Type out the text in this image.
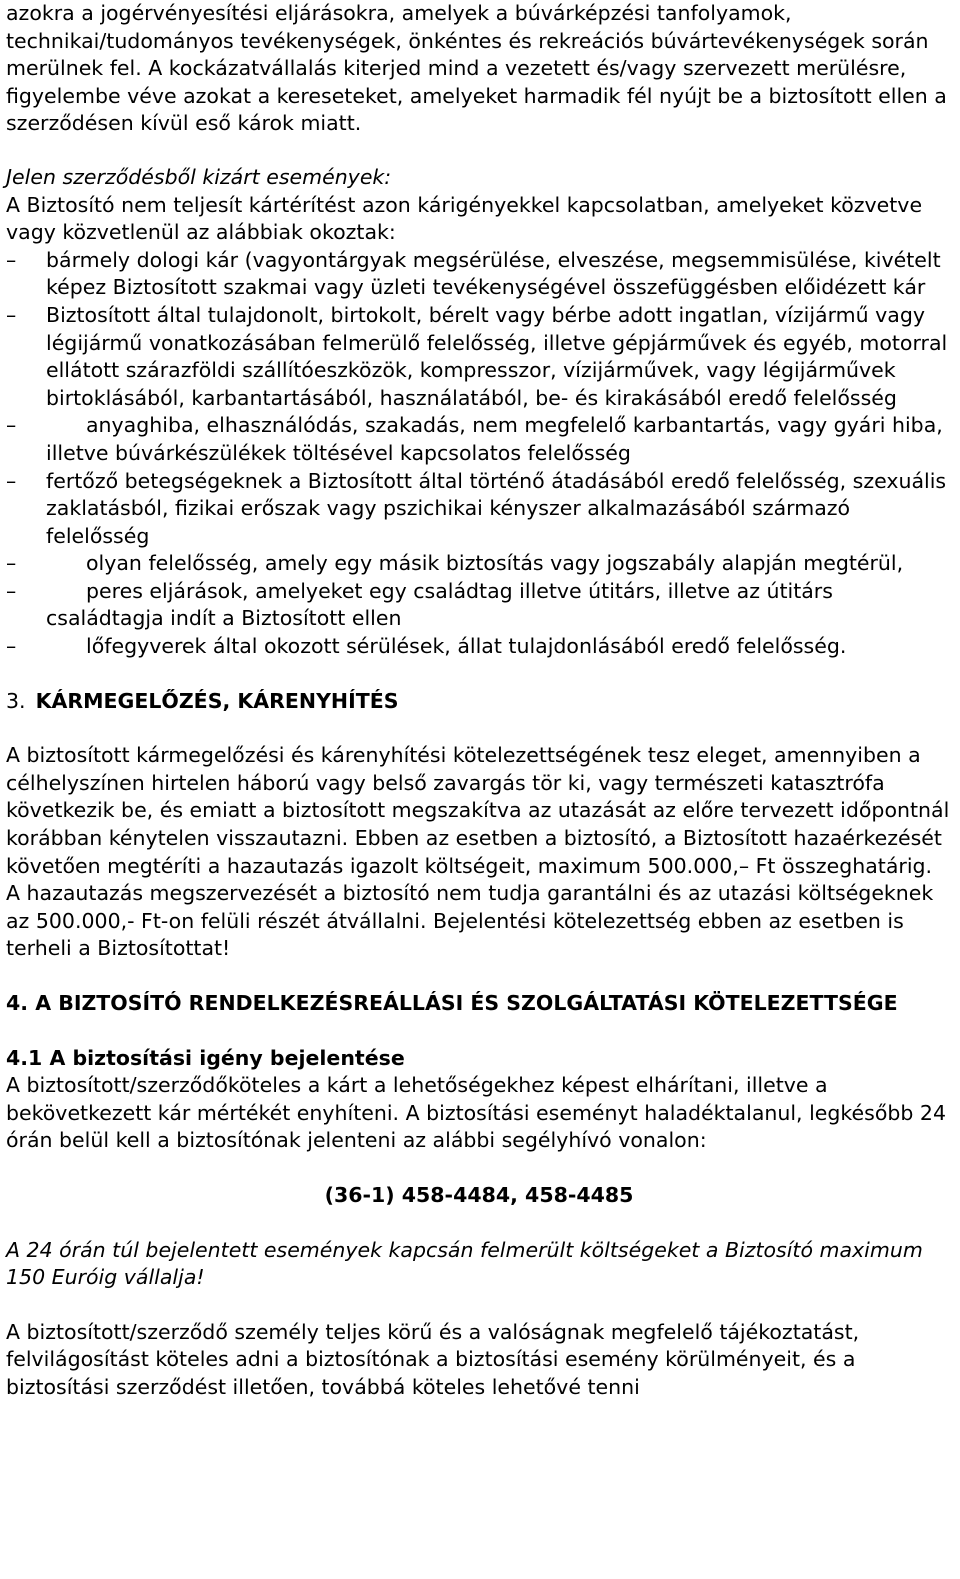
azokra a jogérvényesítési eljárásokra, amelyek a búvárképzési tanfolyamok, technikai/tudományos tevékenységek, önkéntes és rekreációs búvártevékenységek során merülnek fel. A kockázatvállalás kiterjed mind a vezetett és/vagy szervezett merülésre, figyelembe véve azokat a kereseteket, amelyeket harmadik fél nyújt be a biztosított ellen a szerződésen kívül eső károk miatt.

Jelen szerződésből kizárt események:

A Biztosító nem teljesít kártérítést azon kárigényekkel kapcsolatban, amelyeket közvetve vagy közvetlenül az alábbiak okoztak:

–	bármely dologi kár (vagyontárgyak megsérülése, elveszése, megsemmisülése, kivételt képez Biztosított szakmai vagy üzleti tevékenységével összefüggésben előidézett kár
–	Biztosított által tulajdonolt, birtokolt, bérelt vagy bérbe adott ingatlan, vízijármű vagy légijármű vonatkozásában felmerülő felelősség, illetve gépjárművek és egyéb, motorral ellátott szárazföldi szállítóeszközök, kompresszor, vízijárművek, vagy légijárművek birtoklásából, karbantartásából, használatából, be- és kirakásából eredő felelősség
–	anyaghiba, elhasználódás, szakadás, nem megfelelő karbantartás, vagy gyári hiba, illetve búvárkészülékek töltésével kapcsolatos felelősség
–	fertőző betegségeknek a Biztosított által történő átadásából eredő felelősség, szexuális zaklatásból, fizikai erőszak vagy pszichikai kényszer alkalmazásából származó felelősség
–	olyan felelősség, amely egy másik biztosítás vagy jogszabály alapján megtérül,
–	peres eljárások, amelyeket egy családtag illetve útitárs, illetve az útitárs családtagja indít a Biztosított ellen
–	lőfegyverek által okozott sérülések, állat tulajdonlásából eredő felelősség.

3. KÁRMEGELŐZÉS, KÁRENYHÍTÉS

A biztosított kármegelőzési és kárenyhítési kötelezettségének tesz eleget, amennyiben a célhelyszínen hirtelen háború vagy belső zavargás tör ki, vagy természeti katasztrófa következik be, és emiatt a biztosított megszakítva az utazását az előre tervezett időpontnál korábban kénytelen visszautazni. Ebben az esetben a biztosító, a Biztosított hazaérkezését követően megtéríti a hazautazás igazolt költségeit, maximum 500.000,– Ft összeghatárig. A hazautazás megszervezését a biztosító nem tudja garantálni és az utazási költségeknek az 500.000,- Ft-on felüli részét átvállalni. Bejelentési kötelezettség ebben az esetben is terheli a Biztosítottat!

4. A BIZTOSÍTÓ RENDELKEZÉSREÁLLÁSI ÉS SZOLGÁLTATÁSI KÖTELEZETTSÉGE

4.1 A biztosítási igény bejelentése

A biztosított/szerződőköteles a kárt a lehetőségekhez képest elhárítani, illetve a bekövetkezett kár mértékét enyhíteni. A biztosítási eseményt haladéktalanul, legkésőbb 24 órán belül kell a biztosítónak jelenteni az alábbi segélyhívó vonalon:

(36-1) 458-4484, 458-4485

A 24 órán túl bejelentett események kapcsán felmerült költségeket a Biztosító maximum 150 Euróig vállalja!

A biztosított/szerződő személy teljes körű és a valóságnak megfelelő tájékoztatást, felvilágosítást köteles adni a biztosítónak a biztosítási esemény körülményeit, és a biztosítási szerződést illetően, továbbá köteles lehetővé tenni
